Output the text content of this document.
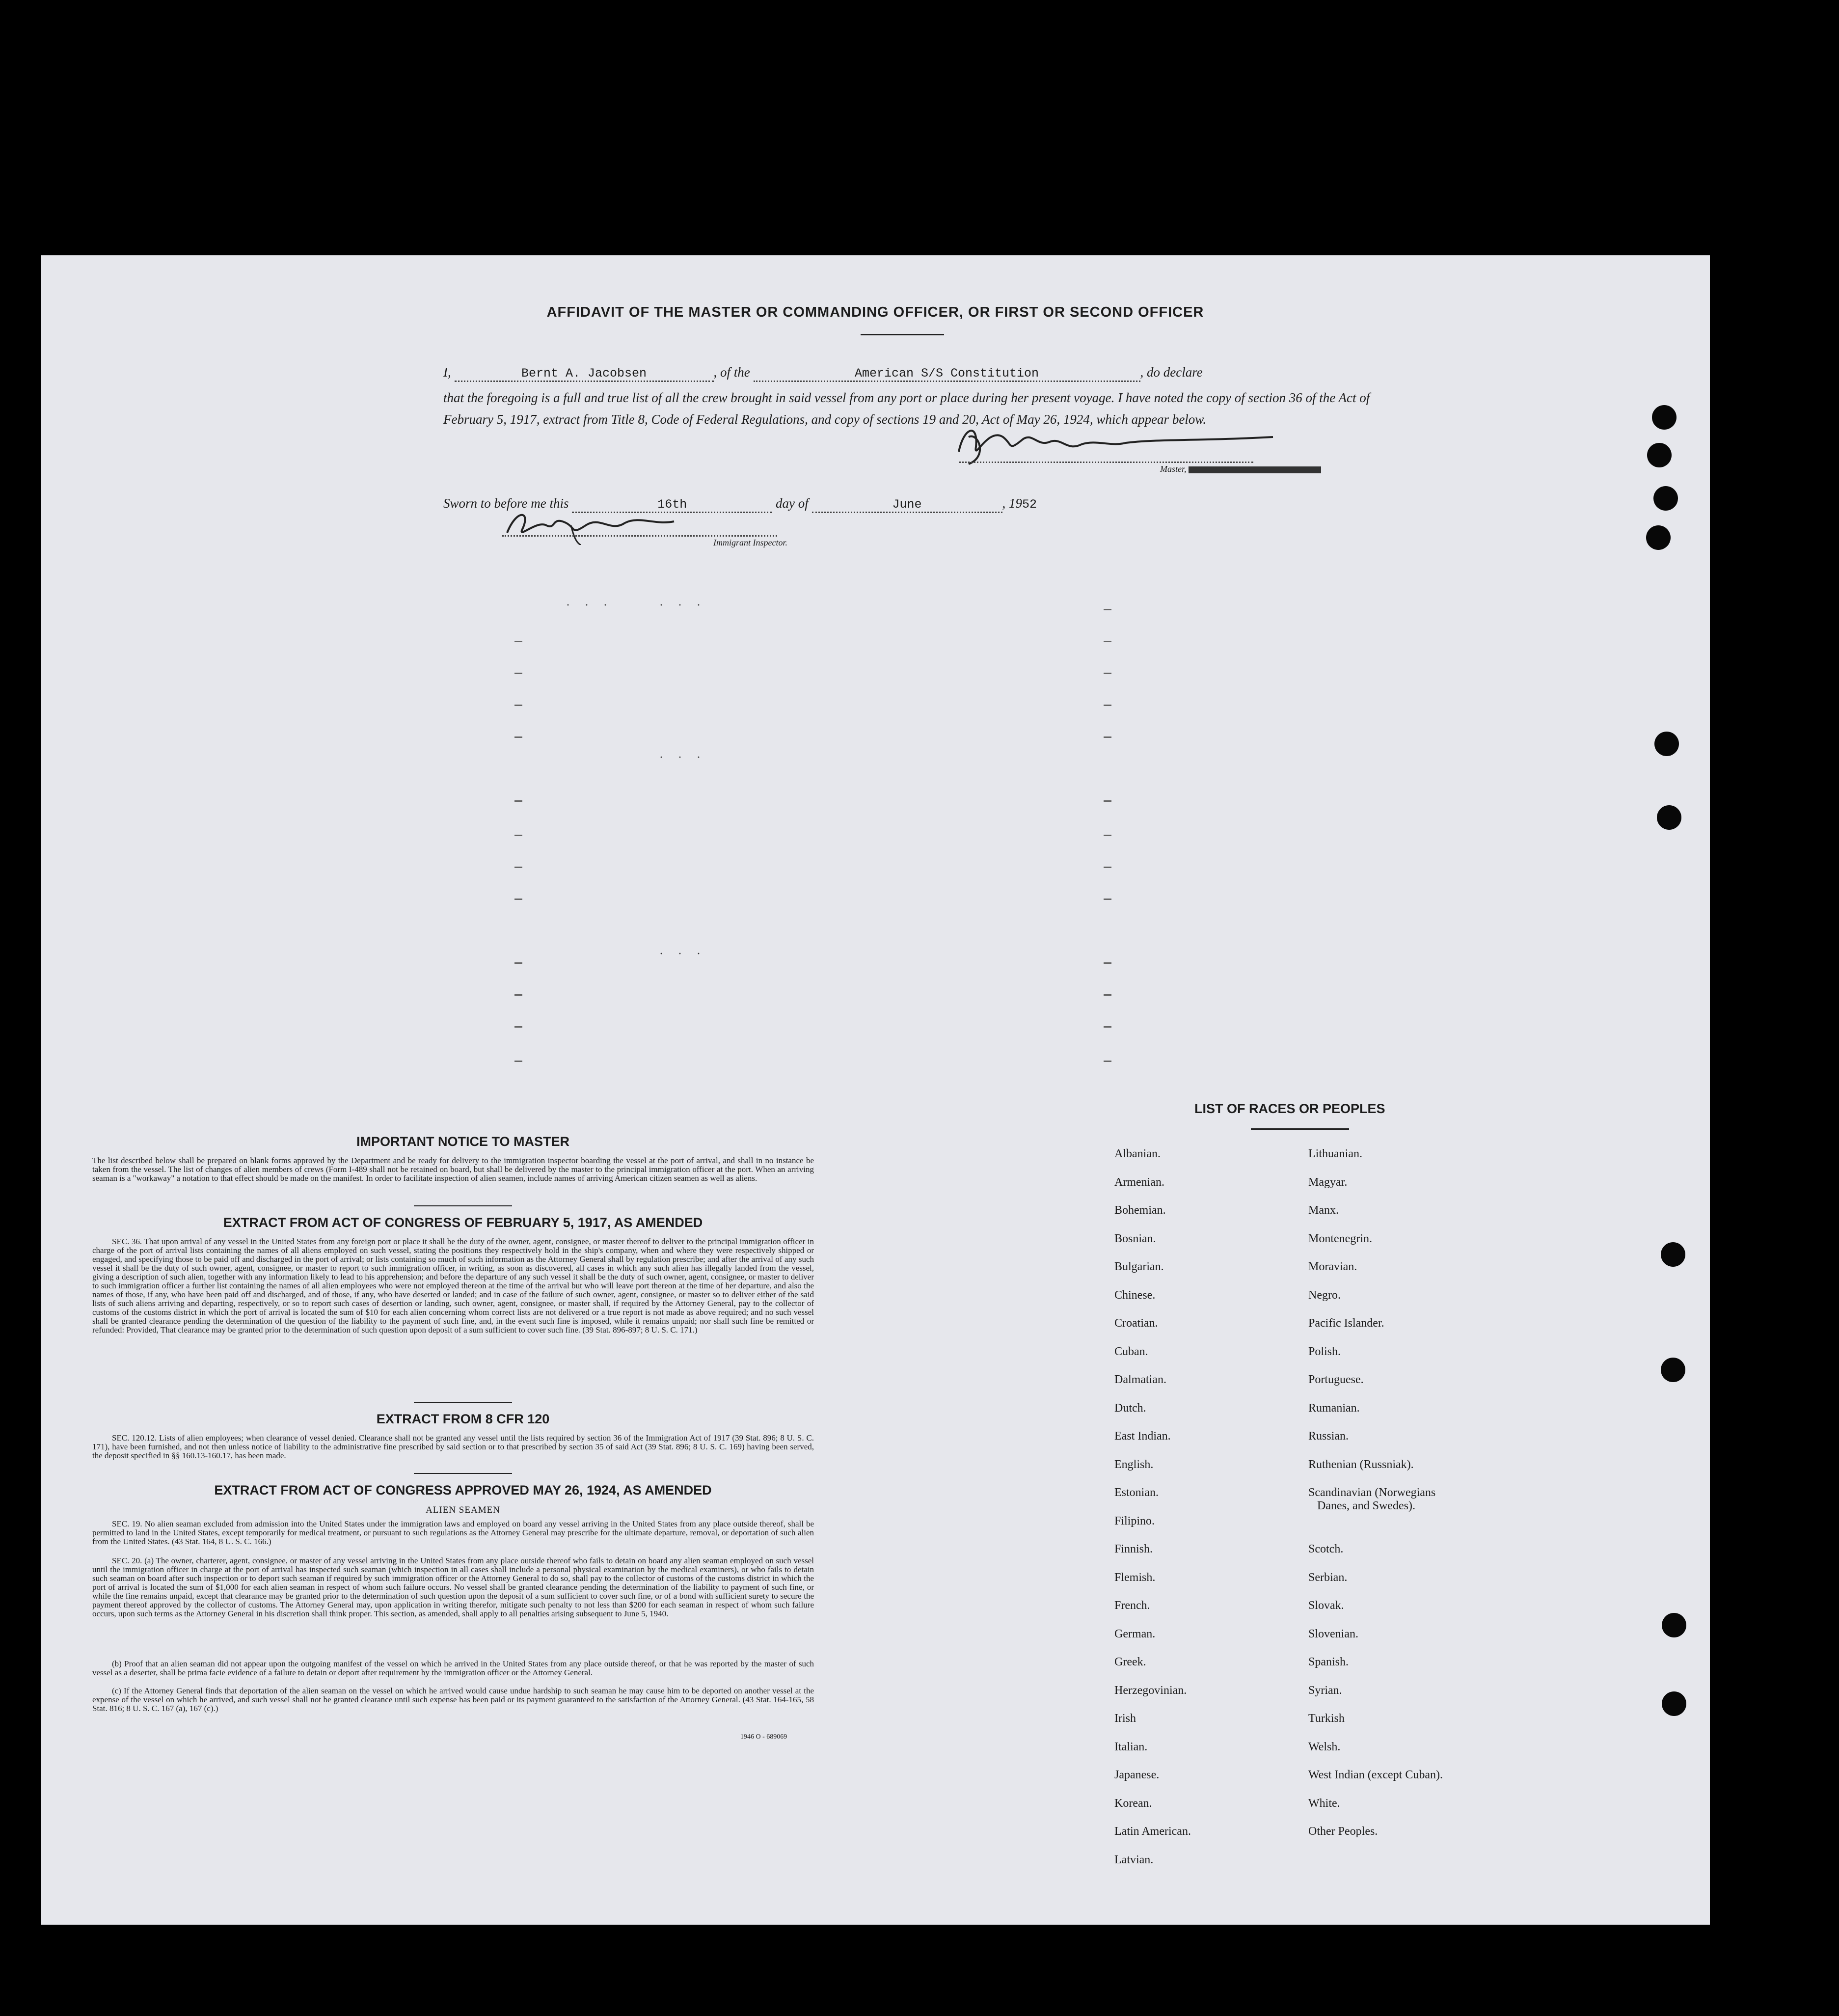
AFFIDAVIT OF THE MASTER OR COMMANDING OFFICER, OR FIRST OR SECOND OFFICER
I,	Bernt A. Jacobsen	, of the	American S/S Constitution	, do declare
that the foregoing is a full and true list of all the crew brought in said vessel from any port or place during her present voyage. I have noted the copy of section 36 of the Act of February 5, 1917, extract from Title 8, Code of Federal Regulations, and copy of sections 19 and 20, Act of May 26, 1924, which appear below.
Master,
Sworn to before me this	16th	day of	June	, 1952
Immigrant Inspector.
· · ·	· · ·
· · ·
· · ·
IMPORTANT NOTICE TO MASTER
The list described below shall be prepared on blank forms approved by the Department and be ready for delivery to the immigration inspector boarding the vessel at the port of arrival, and shall in no instance be taken from the vessel. The list of changes of alien members of crews (Form I-489 shall not be retained on board, but shall be delivered by the master to the principal immigration officer at the port. When an arriving seaman is a "workaway" a notation to that effect should be made on the manifest. In order to facilitate inspection of alien seamen, include names of arriving American citizen seamen as well as aliens.
EXTRACT FROM ACT OF CONGRESS OF FEBRUARY 5, 1917, AS AMENDED
SEC. 36. That upon arrival of any vessel in the United States from any foreign port or place it shall be the duty of the owner, agent, consignee, or master thereof to deliver to the principal immigration officer in charge of the port of arrival lists containing the names of all aliens employed on such vessel, stating the positions they respectively hold in the ship's company, when and where they were respectively shipped or engaged, and specifying those to be paid off and discharged in the port of arrival; or lists containing so much of such information as the Attorney General shall by regulation prescribe; and after the arrival of any such vessel it shall be the duty of such owner, agent, consignee, or master to report to such immigration officer, in writing, as soon as discovered, all cases in which any such alien has illegally landed from the vessel, giving a description of such alien, together with any information likely to lead to his apprehension; and before the departure of any such vessel it shall be the duty of such owner, agent, consignee, or master to deliver to such immigration officer a further list containing the names of all alien employees who were not employed thereon at the time of the arrival but who will leave port thereon at the time of her departure, and also the names of those, if any, who have been paid off and discharged, and of those, if any, who have deserted or landed; and in case of the failure of such owner, agent, consignee, or master so to deliver either of the said lists of such aliens arriving and departing, respectively, or so to report such cases of desertion or landing, such owner, agent, consignee, or master shall, if required by the Attorney General, pay to the collector of customs of the customs district in which the port of arrival is located the sum of $10 for each alien concerning whom correct lists are not delivered or a true report is not made as above required; and no such vessel shall be granted clearance pending the determination of the question of the liability to the payment of such fine, and, in the event such fine is imposed, while it remains unpaid; nor shall such fine be remitted or refunded: Provided, That clearance may be granted prior to the determination of such question upon deposit of a sum sufficient to cover such fine. (39 Stat. 896-897; 8 U. S. C. 171.)
EXTRACT FROM 8 CFR 120
SEC. 120.12. Lists of alien employees; when clearance of vessel denied. Clearance shall not be granted any vessel until the lists required by section 36 of the Immigration Act of 1917 (39 Stat. 896; 8 U. S. C. 171), have been furnished, and not then unless notice of liability to the administrative fine prescribed by said section or to that prescribed by section 35 of said Act (39 Stat. 896; 8 U. S. C. 169) having been served, the deposit specified in §§ 160.13-160.17, has been made.
EXTRACT FROM ACT OF CONGRESS APPROVED MAY 26, 1924, AS AMENDED
ALIEN SEAMEN
SEC. 19. No alien seaman excluded from admission into the United States under the immigration laws and employed on board any vessel arriving in the United States from any place outside thereof, shall be permitted to land in the United States, except temporarily for medical treatment, or pursuant to such regulations as the Attorney General may prescribe for the ultimate departure, removal, or deportation of such alien from the United States. (43 Stat. 164, 8 U. S. C. 166.)
SEC. 20. (a) The owner, charterer, agent, consignee, or master of any vessel arriving in the United States from any place outside thereof who fails to detain on board any alien seaman employed on such vessel until the immigration officer in charge at the port of arrival has inspected such seaman (which inspection in all cases shall include a personal physical examination by the medical examiners), or who fails to detain such seaman on board after such inspection or to deport such seaman if required by such immigration officer or the Attorney General to do so, shall pay to the collector of customs of the customs district in which the port of arrival is located the sum of $1,000 for each alien seaman in respect of whom such failure occurs. No vessel shall be granted clearance pending the determination of the liability to payment of such fine, or while the fine remains unpaid, except that clearance may be granted prior to the determination of such question upon the deposit of a sum sufficient to cover such fine, or of a bond with sufficient surety to secure the payment thereof approved by the collector of customs. The Attorney General may, upon application in writing therefor, mitigate such penalty to not less than $200 for each seaman in respect of whom such failure occurs, upon such terms as the Attorney General in his discretion shall think proper. This section, as amended, shall apply to all penalties arising subsequent to June 5, 1940.
(b) Proof that an alien seaman did not appear upon the outgoing manifest of the vessel on which he arrived in the United States from any place outside thereof, or that he was reported by the master of such vessel as a deserter, shall be prima facie evidence of a failure to detain or deport after requirement by the immigration officer or the Attorney General.
(c) If the Attorney General finds that deportation of the alien seaman on the vessel on which he arrived would cause undue hardship to such seaman he may cause him to be deported on another vessel at the expense of the vessel on which he arrived, and such vessel shall not be granted clearance until such expense has been paid or its payment guaranteed to the satisfaction of the Attorney General. (43 Stat. 164-165, 58 Stat. 816; 8 U. S. C. 167 (a), 167 (c).)
1946 O - 689069
LIST OF RACES OR PEOPLES
Albanian.
Armenian.
Bohemian.
Bosnian.
Bulgarian.
Chinese.
Croatian.
Cuban.
Dalmatian.
Dutch.
East Indian.
English.
Estonian.
Filipino.
Finnish.
Flemish.
French.
German.
Greek.
Herzegovinian.
Irish
Italian.
Japanese.
Korean.
Latin American.
Latvian.
Lithuanian.
Magyar.
Manx.
Montenegrin.
Moravian.
Negro.
Pacific Islander.
Polish.
Portuguese.
Rumanian.
Russian.
Ruthenian (Russniak).
Scandinavian (Norwegians
Danes, and Swedes).
Scotch.
Serbian.
Slovak.
Slovenian.
Spanish.
Syrian.
Turkish
Welsh.
West Indian (except Cuban).
White.
Other Peoples.
